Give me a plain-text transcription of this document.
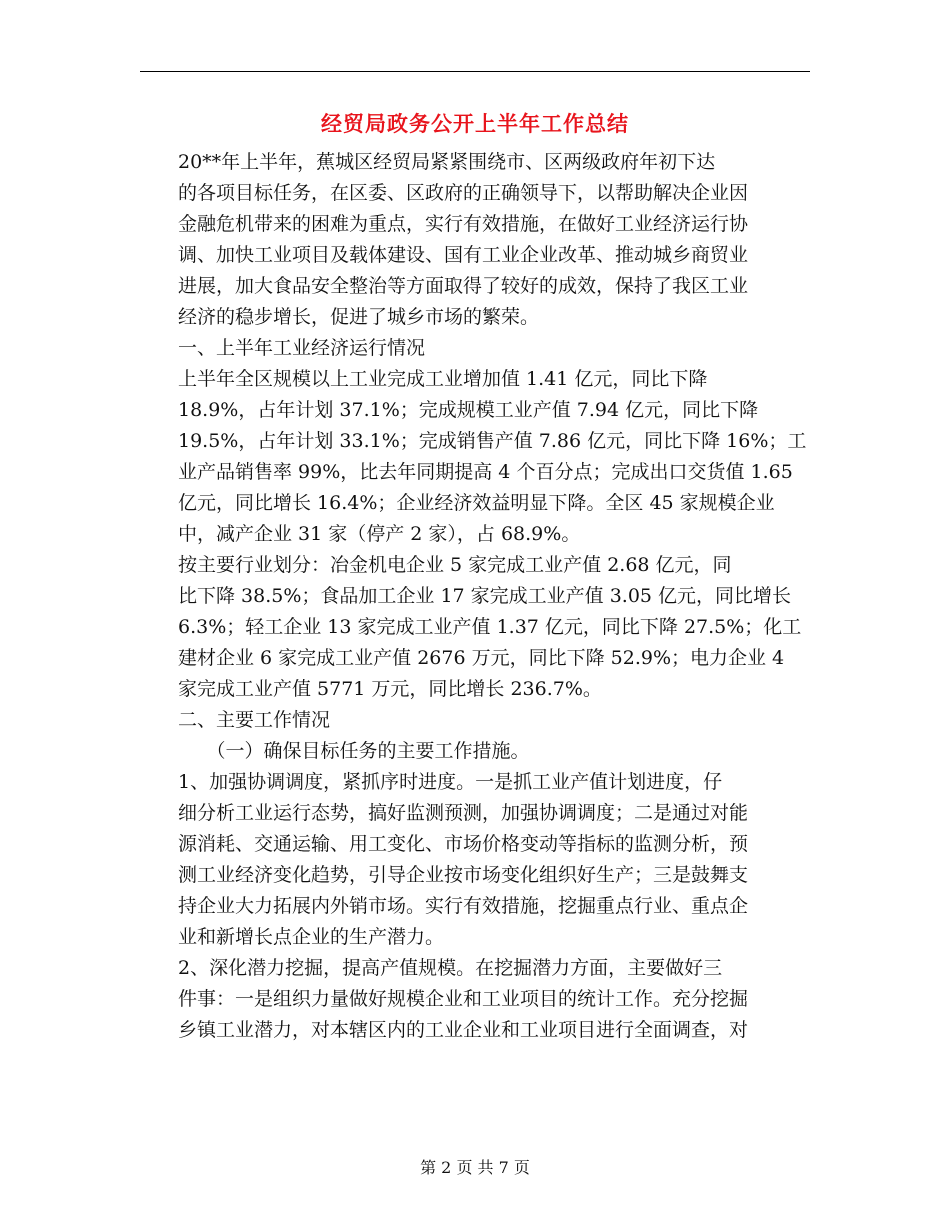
经贸局政务公开上半年工作总结
20**年上半年，蕉城区经贸局紧紧围绕市、区两级政府年初下达
的各项目标任务，在区委、区政府的正确领导下，以帮助解决企业因
金融危机带来的困难为重点，实行有效措施，在做好工业经济运行协
调、加快工业项目及载体建设、国有工业企业改革、推动城乡商贸业
进展，加大食品安全整治等方面取得了较好的成效，保持了我区工业
经济的稳步增长，促进了城乡市场的繁荣。
一、上半年工业经济运行情况
上半年全区规模以上工业完成工业增加值 1.41 亿元，同比下降
18.9%，占年计划 37.1%；完成规模工业产值 7.94 亿元，同比下降
19.5%，占年计划 33.1%；完成销售产值 7.86 亿元，同比下降 16%；工
业产品销售率 99%，比去年同期提高 4 个百分点；完成出口交货值 1.65
亿元，同比增长 16.4%；企业经济效益明显下降。全区 45 家规模企业
中，减产企业 31 家（停产 2 家），占 68.9%。
按主要行业划分：冶金机电企业 5 家完成工业产值 2.68 亿元，同
比下降 38.5%；食品加工企业 17 家完成工业产值 3.05 亿元，同比增长
6.3%；轻工企业 13 家完成工业产值 1.37 亿元，同比下降 27.5%；化工
建材企业 6 家完成工业产值 2676 万元，同比下降 52.9%；电力企业 4
家完成工业产值 5771 万元，同比增长 236.7%。
二、主要工作情况
（一）确保目标任务的主要工作措施。
1、加强协调调度，紧抓序时进度。一是抓工业产值计划进度，仔
细分析工业运行态势，搞好监测预测，加强协调调度；二是通过对能
源消耗、交通运输、用工变化、市场价格变动等指标的监测分析，预
测工业经济变化趋势，引导企业按市场变化组织好生产；三是鼓舞支
持企业大力拓展内外销市场。实行有效措施，挖掘重点行业、重点企
业和新增长点企业的生产潜力。
2、深化潜力挖掘，提高产值规模。在挖掘潜力方面，主要做好三
件事：一是组织力量做好规模企业和工业项目的统计工作。充分挖掘
乡镇工业潜力，对本辖区内的工业企业和工业项目进行全面调查，对
第 2 页 共 7 页
